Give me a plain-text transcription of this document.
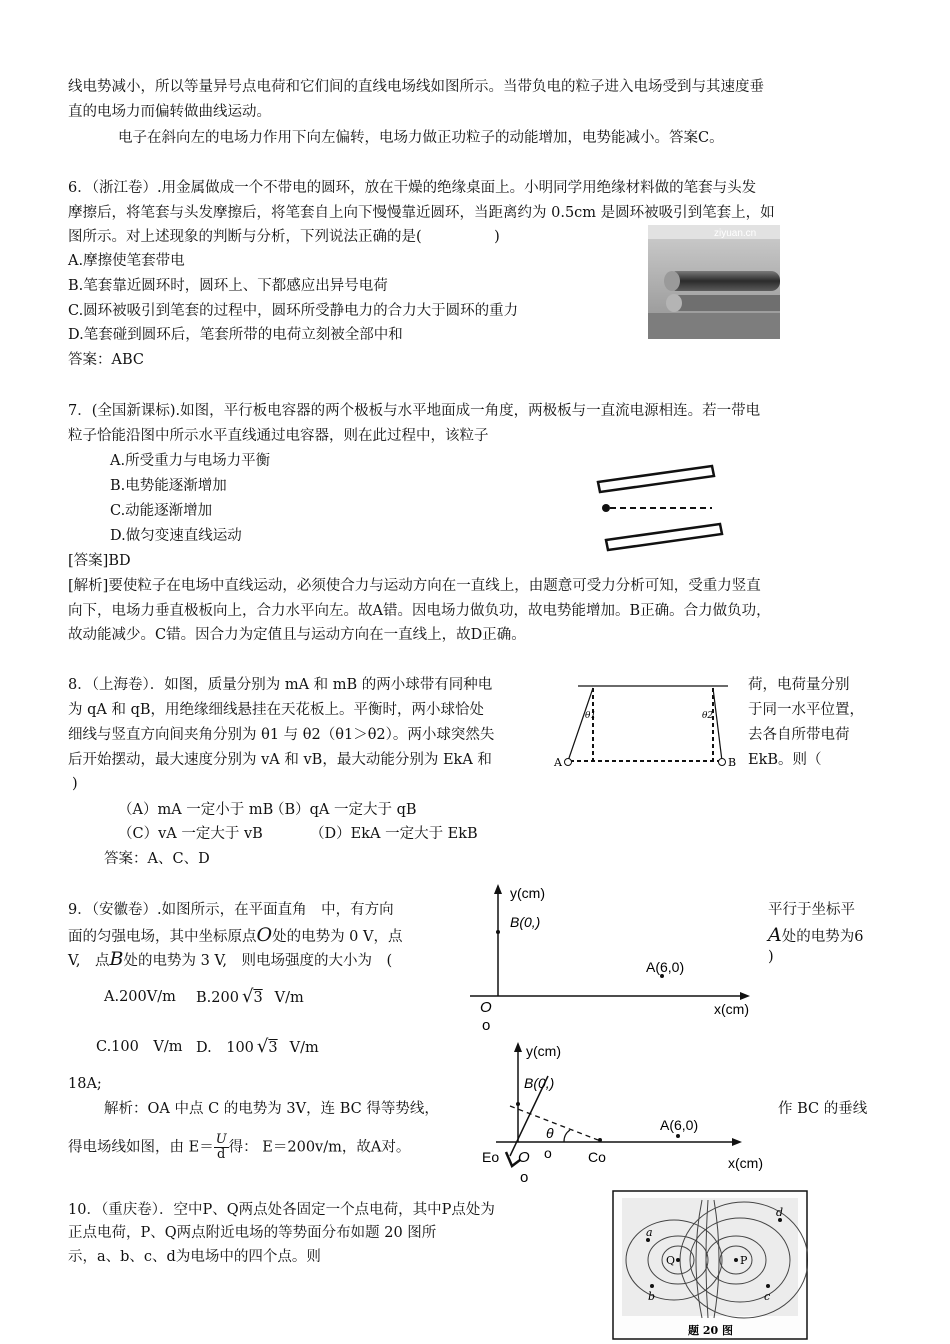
线电势减小，所以等量异号点电荷和它们间的直线电场线如图所示。当带负电的粒子进入电场受到与其速度垂
直的电场力而偏转做曲线运动。
电子在斜向左的电场力作用下向左偏转，电场力做正功粒子的动能增加，电势能减小。答案C。
6．（浙江卷）.用金属做成一个不带电的圆环，放在干燥的绝缘桌面上。小明同学用绝缘材料做的笔套与头发
摩擦后，将笔套与头发摩擦后，将笔套自上向下慢慢靠近圆环，当距离约为 0.5cm 是圆环被吸引到笔套上，如
图所示。对上述现象的判断与分析，下列说法正确的是(　　　　　)
A.摩擦使笔套带电
B.笔套靠近圆环时，圆环上、下都感应出异号电荷
C.圆环被吸引到笔套的过程中，圆环所受静电力的合力大于圆环的重力
D.笔套碰到圆环后，笔套所带的电荷立刻被全部中和
答案：ABC
ziyuan.cn
7．(全国新课标).如图，平行板电容器的两个极板与水平地面成一角度，两极板与一直流电源相连。若一带电
粒子恰能沿图中所示水平直线通过电容器，则在此过程中，该粒子
A.所受重力与电场力平衡
B.电势能逐渐增加
C.动能逐渐增加
D.做匀变速直线运动
[答案]BD
[解析]要使粒子在电场中直线运动，必须使合力与运动方向在一直线上，由题意可受力分析可知，受重力竖直
向下，电场力垂直极板向上，合力水平向左。故A错。因电场力做负功，故电势能增加。B正确。合力做负功，
故动能减少。C错。因合力为定值且与运动方向在一直线上，故D正确。
8．（上海卷）．如图，质量分别为 mA 和 mB 的两小球带有同种电	荷，电荷量分别
为 qA 和 qB，用绝缘细线悬挂在天花板上。平衡时，两小球恰处	于同一水平位置，
细线与竖直方向间夹角分别为 θ1 与 θ2（θ1＞θ2）。两小球突然失	去各自所带电荷
后开始摆动，最大速度分别为 vA 和 vB，最大动能分别为 EkA 和	EkB。则（
)
（A）mA 一定小于 mB
（B）qA 一定大于 qB
（C）vA 一定大于 vB	（D）EkA 一定大于 EkB
答案：A、C、D
A	B
θ1	θ2
9．（安徽卷）.如图所示，在平面直角　中，有方向	平行于坐标平
面的匀强电场，其中坐标原点O处的电势为 0 V，点	A处的电势为6
V,　点B处的电势为 3 V,　则电场强度的大小为　(	)
A.200V/m B.200 √3 V/m
C.100　V/m D.　100 √3 V/m
18A;
解析：OA 中点 C 的电势为 3V，连 BC 得等势线，	作 BC 的垂线
得电场线如图，由 $E= \frac{U}{d}$ 得： E＝200v/m，故A对。
y(cm)
B(0,)
A(6,0)
x(cm)
O
o
y(cm)
B(0,)
A(6,0)
θ
Eo O
o
o	Co	x(cm)
10．（重庆卷）．空中P、Q两点处各固定一个点电荷，其中P点处为
正点电荷，P、Q两点附近电场的等势面分布如题 20 图所
示，a、b、c、d为电场中的四个点。则	Q	P
a
b	c
d
题 20 图
